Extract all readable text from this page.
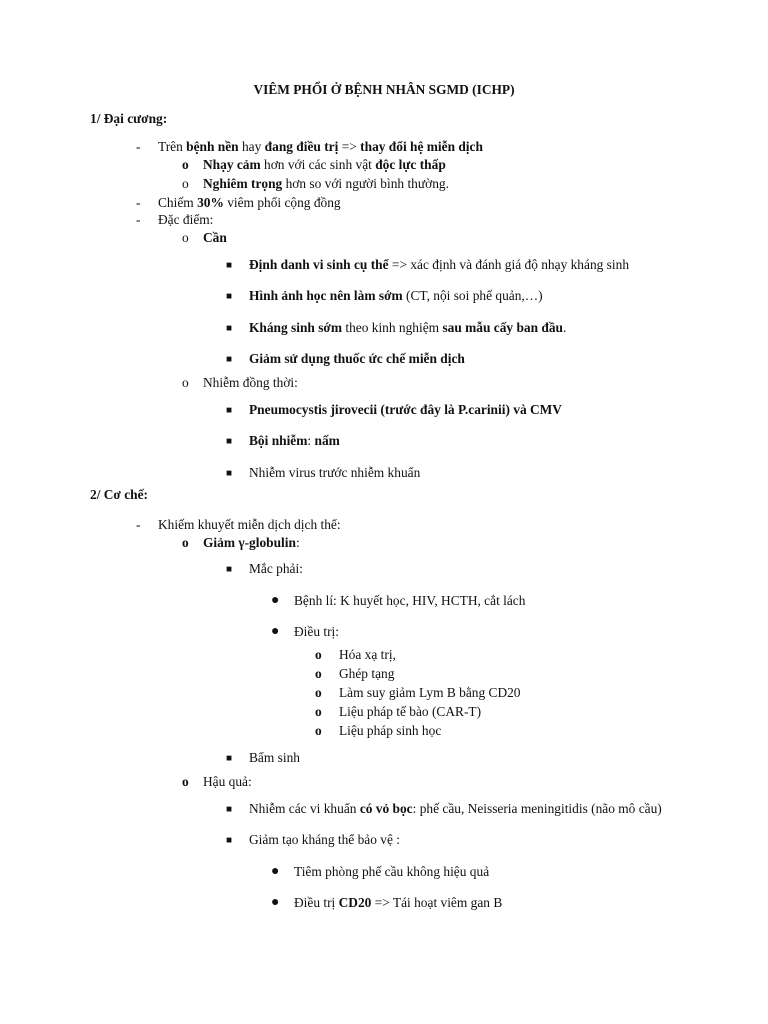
VIÊM PHỔI Ở BỆNH NHÂN SGMD (ICHP)
1/ Đại cương:
- Trên bệnh nền hay đang điều trị => thay đổi hệ miễn dịch
o Nhạy cảm hơn với các sinh vật độc lực thấp
o Nghiêm trọng hơn so với người bình thường.
- Chiếm 30% viêm phổi cộng đồng
- Đặc điểm:
o Cần
■ Định danh vi sinh cụ thể => xác định và đánh giá độ nhạy kháng sinh
■ Hình ảnh học nên làm sớm (CT, nội soi phế quản,…)
■ Kháng sinh sớm theo kinh nghiệm sau mẫu cấy ban đầu.
■ Giảm sử dụng thuốc ức chế miễn dịch
o Nhiễm đồng thời:
■ Pneumocystis jirovecii (trước đây là P.carinii) và CMV
■ Bội nhiễm: nấm
■ Nhiễm virus trước nhiễm khuẩn
2/ Cơ chế:
- Khiếm khuyết miễn dịch dịch thể:
o Giảm γ-globulin:
■ Mắc phải:
● Bệnh lí: K huyết học, HIV, HCTH, cắt lách
● Điều trị:
o Hóa xạ trị,
o Ghép tạng
o Làm suy giảm Lym B bằng CD20
o Liệu pháp tế bào (CAR-T)
o Liệu pháp sinh học
■ Bẩm sinh
o Hậu quả:
■ Nhiễm các vi khuẩn có vỏ bọc: phế cầu, Neisseria meningitidis (não mô cầu)
■ Giảm tạo kháng thể bảo vệ :
● Tiêm phòng phế cầu không hiệu quả
● Điều trị CD20 => Tái hoạt viêm gan B
